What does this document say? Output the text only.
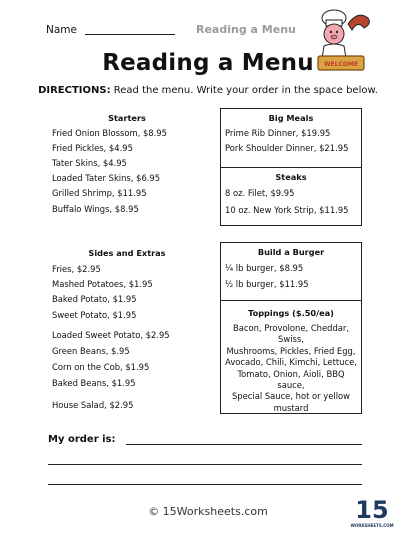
Name	Reading a Menu
WELCOME
Reading a Menu
DIRECTIONS: Read the menu. Write your order in the space below.
Starters
Fried Onion Blossom, $8.95
Fried Pickles, $4.95
Tater Skins, $4.95
Loaded Tater Skins, $6.95
Grilled Shrimp, $11.95
Buffalo Wings, $8.95
Sides and Extras
Fries, $2.95
Mashed Potatoes, $1.95
Baked Potato, $1.95
Sweet Potato, $1.95
Loaded Sweet Potato, $2.95
Green Beans, $.95
Corn on the Cob, $1.95
Baked Beans, $1.95
House Salad, $2.95
Big Meals
Prime Rib Dinner, $19.95
Pork Shoulder Dinner, $21.95
Steaks
8 oz. Filet, $9.95
10 oz. New York Strip, $11.95
Build a Burger
¼ lb burger, $8.95
½ lb burger, $11.95
Toppings ($.50/ea)
Bacon, Provolone, Cheddar, Swiss,
Mushrooms, Pickles, Fried Egg,
Avocado, Chili, Kimchi, Lettuce,
Tomato, Onion, Aioli, BBQ sauce,
Special Sauce, hot or yellow
mustard
My order is:
© 15Worksheets.com	15
WORKSHEETS.COM
